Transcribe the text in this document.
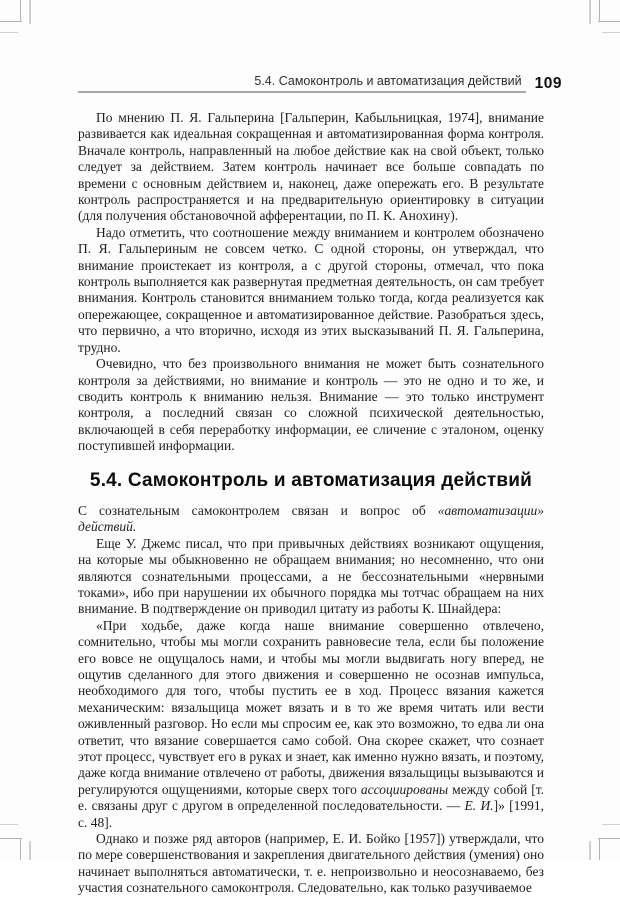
5.4. Самоконтроль и автоматизация действий 109

По мнению П. Я. Гальперина [Гальперин, Кабыльницкая, 1974], внимание развивается как идеальная сокращенная и автоматизированная форма контроля. Вначале контроль, направленный на любое действие как на свой объект, только следует за действием. Затем контроль начинает все больше совпадать по времени с основным действием и, наконец, даже опережать его. В результате контроль распространяется и на предварительную ориентировку в ситуации (для получения обстановочной афферентации, по П. К. Анохину).

Надо отметить, что соотношение между вниманием и контролем обозначено П. Я. Гальпериным не совсем четко. С одной стороны, он утверждал, что внимание проистекает из контроля, а с другой стороны, отмечал, что пока контроль выполняется как развернутая предметная деятельность, он сам требует внимания. Контроль становится вниманием только тогда, когда реализуется как опережающее, сокращенное и автоматизированное действие. Разобраться здесь, что первично, а что вторично, исходя из этих высказываний П. Я. Гальперина, трудно.

Очевидно, что без произвольного внимания не может быть сознательного контроля за действиями, но внимание и контроль — это не одно и то же, и сводить контроль к вниманию нельзя. Внимание — это только инструмент контроля, а последний связан со сложной психической деятельностью, включающей в себя переработку информации, ее сличение с эталоном, оценку поступившей информации.

5.4. Самоконтроль и автоматизация действий

С сознательным самоконтролем связан и вопрос об «автоматизации» действий.

Еще У. Джемс писал, что при привычных действиях возникают ощущения, на которые мы обыкновенно не обращаем внимания; но несомненно, что они являются сознательными процессами, а не бессознательными «нервными токами», ибо при нарушении их обычного порядка мы тотчас обращаем на них внимание. В подтверждение он приводил цитату из работы К. Шнайдера:

«При ходьбе, даже когда наше внимание совершенно отвлечено, сомнительно, чтобы мы могли сохранить равновесие тела, если бы положение его вовсе не ощущалось нами, и чтобы мы могли выдвигать ногу вперед, не ощутив сделанного для этого движения и совершенно не осознав импульса, необходимого для того, чтобы пустить ее в ход. Процесс вязания кажется механическим: вязальщица может вязать и в то же время читать или вести оживленный разговор. Но если мы спросим ее, как это возможно, то едва ли она ответит, что вязание совершается само собой. Она скорее скажет, что сознает этот процесс, чувствует его в руках и знает, как именно нужно вязать, и поэтому, даже когда внимание отвлечено от работы, движения вязальщицы вызываются и регулируются ощущениями, которые сверх того ассоциированы между собой [т. е. связаны друг с другом в определенной последовательности. — Е. И.]» [1991, с. 48].

Однако и позже ряд авторов (например, Е. И. Бойко [1957]) утверждали, что по мере совершенствования и закрепления двигательного действия (умения) оно начинает выполняться автоматически, т. е. непроизвольно и неосознаваемо, без участия сознательного самоконтроля. Следовательно, как только разучиваемое
